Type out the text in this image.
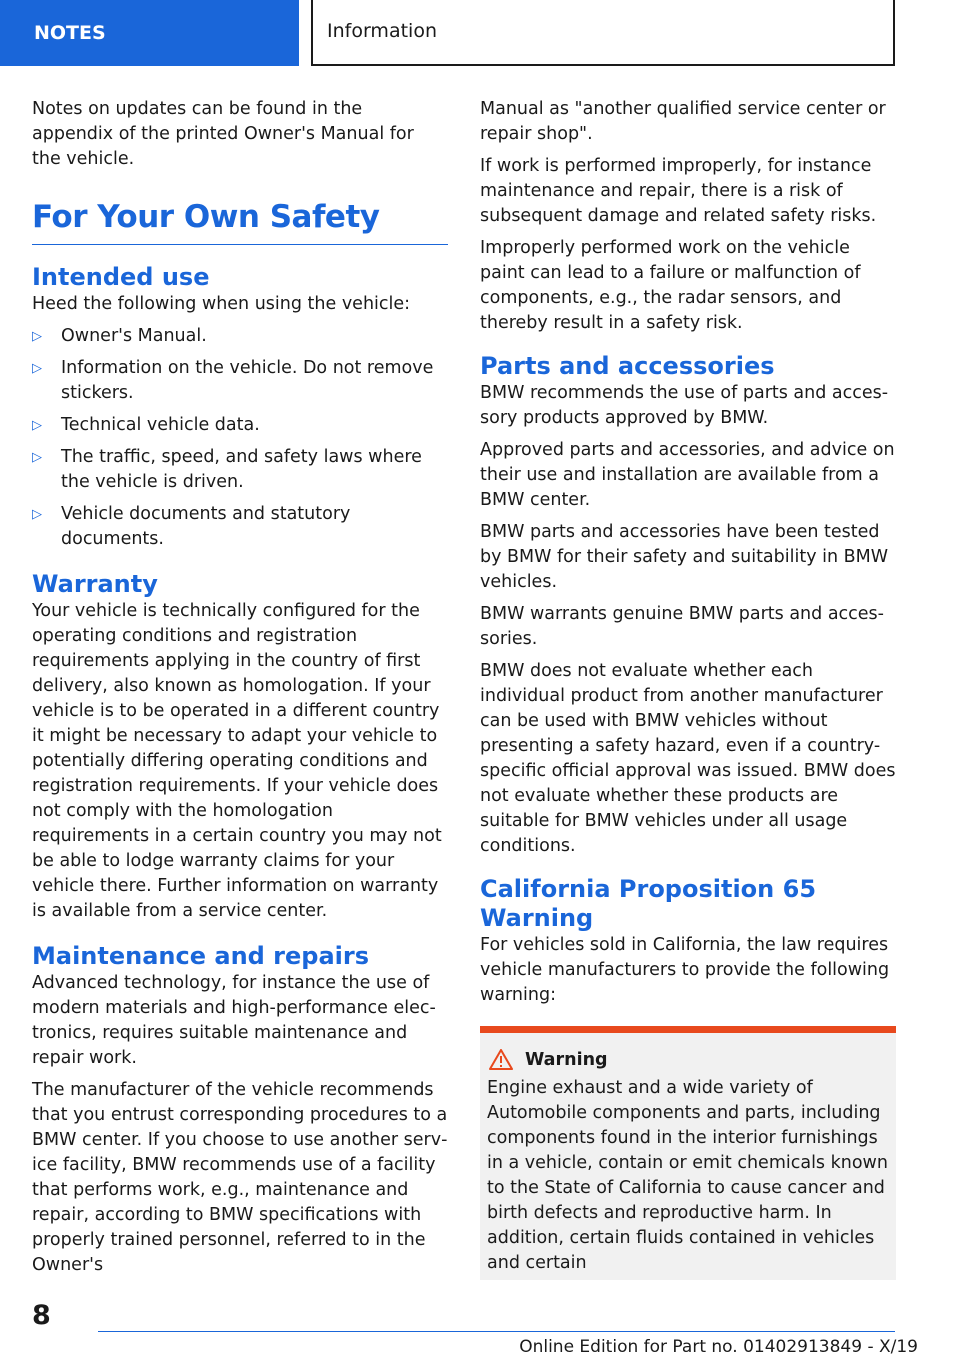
NOTES	Information

Notes on updates can be found in the appendix of the printed Owner's Manual for the vehicle.

For Your Own Safety
Intended use

Heed the following when using the vehicle:

▷ Owner's Manual.
▷ Information on the vehicle. Do not remove stickers.
▷ Technical vehicle data.
▷ The traffic, speed, and safety laws where the vehicle is driven.
▷ Vehicle documents and statutory documents.
Warranty

Your vehicle is technically configured for the operating conditions and registration requirements applying in the country of first delivery, also known as homologation. If your vehicle is to be operated in a different country it might be necessary to adapt your vehicle to potentially differing operating conditions and registration requirements. If your vehicle does not comply with the homologation requirements in a certain country you may not be able to lodge warranty claims for your vehicle there. Further information on warranty is available from a service center.

Maintenance and repairs

Advanced technology, for instance the use of modern materials and high-performance electronics, requires suitable maintenance and repair work.

The manufacturer of the vehicle recommends that you entrust corresponding procedures to a BMW center. If you choose to use another service facility, BMW recommends use of a facility that performs work, e.g., maintenance and repair, according to BMW specifications with properly trained personnel, referred to in the Owner's

Manual as "another qualified service center or repair shop".

If work is performed improperly, for instance maintenance and repair, there is a risk of subsequent damage and related safety risks.

Improperly performed work on the vehicle paint can lead to a failure or malfunction of components, e.g., the radar sensors, and thereby result in a safety risk.

Parts and accessories

BMW recommends the use of parts and accessory products approved by BMW.

Approved parts and accessories, and advice on their use and installation are available from a BMW center.

BMW parts and accessories have been tested by BMW for their safety and suitability in BMW vehicles.

BMW warrants genuine BMW parts and accessories.

BMW does not evaluate whether each individual product from another manufacturer can be used with BMW vehicles without presenting a safety hazard, even if a country-specific official approval was issued. BMW does not evaluate whether these products are suitable for BMW vehicles under all usage conditions.

California Proposition 65 Warning

For vehicles sold in California, the law requires vehicle manufacturers to provide the following warning:

Warning

Engine exhaust and a wide variety of Automobile components and parts, including components found in the interior furnishings in a vehicle, contain or emit chemicals known to the State of California to cause cancer and birth defects and reproductive harm. In addition, certain fluids contained in vehicles and certain

8
Online Edition for Part no. 01402913849 - X/19
